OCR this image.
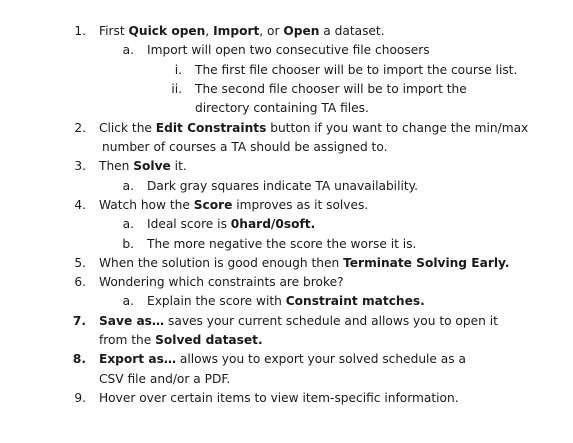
1. First Quick open, Import, or Open a dataset.
a. Import will open two consecutive file choosers
i. The first file chooser will be to import the course list.
ii. The second file chooser will be to import the
directory containing TA files.
2. Click the Edit Constraints button if you want to change the min/max
number of courses a TA should be assigned to.
3. Then Solve it.
a. Dark gray squares indicate TA unavailability.
4. Watch how the Score improves as it solves.
a. Ideal score is 0hard/0soft.
b. The more negative the score the worse it is.
5. When the solution is good enough then Terminate Solving Early.
6. Wondering which constraints are broke?
a. Explain the score with Constraint matches.
7. Save as… saves your current schedule and allows you to open it
from the Solved dataset.
8. Export as… allows you to export your solved schedule as a
CSV file and/or a PDF.
9. Hover over certain items to view item-specific information.
